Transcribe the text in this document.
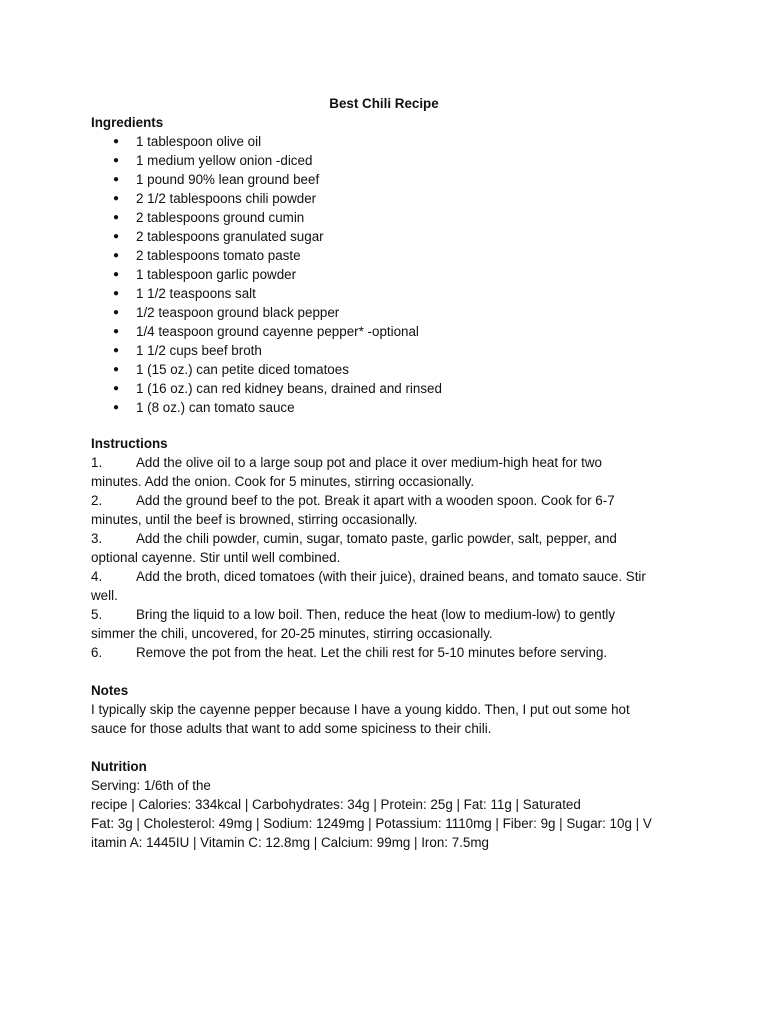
Best Chili Recipe
Ingredients
● 1 tablespoon olive oil
● 1 medium yellow onion -diced
● 1 pound 90% lean ground beef
● 2 1/2 tablespoons chili powder
● 2 tablespoons ground cumin
● 2 tablespoons granulated sugar
● 2 tablespoons tomato paste
● 1 tablespoon garlic powder
● 1 1/2 teaspoons salt
● 1/2 teaspoon ground black pepper
● 1/4 teaspoon ground cayenne pepper* -optional
● 1 1/2 cups beef broth
● 1 (15 oz.) can petite diced tomatoes
● 1 (16 oz.) can red kidney beans, drained and rinsed
● 1 (8 oz.) can tomato sauce
Instructions
1.	Add the olive oil to a large soup pot and place it over medium-high heat for two
minutes. Add the onion. Cook for 5 minutes, stirring occasionally.
2.	Add the ground beef to the pot. Break it apart with a wooden spoon. Cook for 6-7
minutes, until the beef is browned, stirring occasionally.
3.	Add the chili powder, cumin, sugar, tomato paste, garlic powder, salt, pepper, and
optional cayenne. Stir until well combined.
4.	Add the broth, diced tomatoes (with their juice), drained beans, and tomato sauce. Stir
well.
5.	Bring the liquid to a low boil. Then, reduce the heat (low to medium-low) to gently
simmer the chili, uncovered, for 20-25 minutes, stirring occasionally.
6.	Remove the pot from the heat. Let the chili rest for 5-10 minutes before serving.
Notes

I typically skip the cayenne pepper because I have a young kiddo. Then, I put out some hot
sauce for those adults that want to add some spiciness to their chili.

Nutrition

Serving: 1/6th of the
recipe | Calories: 334kcal | Carbohydrates: 34g | Protein: 25g | Fat: 11g | Saturated
Fat: 3g | Cholesterol: 49mg | Sodium: 1249mg | Potassium: 1110mg | Fiber: 9g | Sugar: 10g | V
itamin A: 1445IU | Vitamin C: 12.8mg | Calcium: 99mg | Iron: 7.5mg
